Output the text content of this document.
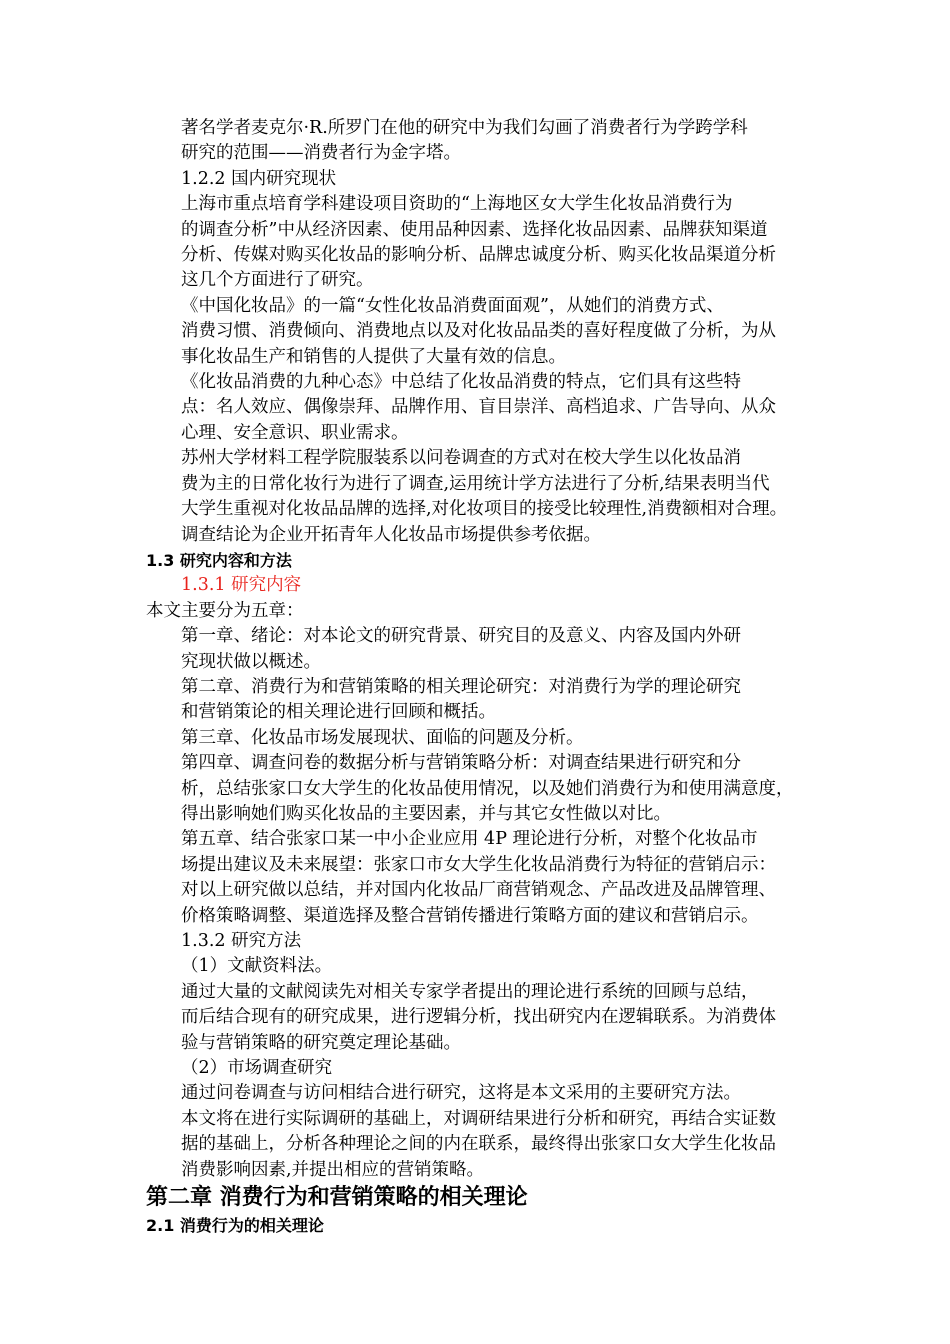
著名学者麦克尔·R.所罗门在他的研究中为我们勾画了消费者行为学跨学科
研究的范围——消费者行为金字塔。
1.2.2 国内研究现状
上海市重点培育学科建设项目资助的“上海地区女大学生化妆品消费行为
的调查分析”中从经济因素、使用品种因素、选择化妆品因素、品牌获知渠道
分析、传媒对购买化妆品的影响分析、品牌忠诚度分析、购买化妆品渠道分析
这几个方面进行了研究。
《中国化妆品》的一篇“女性化妆品消费面面观”，从她们的消费方式、
消费习惯、消费倾向、消费地点以及对化妆品品类的喜好程度做了分析，为从
事化妆品生产和销售的人提供了大量有效的信息。
《化妆品消费的九种心态》中总结了化妆品消费的特点，它们具有这些特
点：名人效应、偶像崇拜、品牌作用、盲目崇洋、高档追求、广告导向、从众
心理、安全意识、职业需求。
苏州大学材料工程学院服装系以问卷调查的方式对在校大学生以化妆品消
费为主的日常化妆行为进行了调查,运用统计学方法进行了分析,结果表明当代
大学生重视对化妆品品牌的选择,对化妆项目的接受比较理性,消费额相对合理。
调查结论为企业开拓青年人化妆品市场提供参考依据。
1.3 研究内容和方法
1.3.1 研究内容
本文主要分为五章：
第一章、绪论：对本论文的研究背景、研究目的及意义、内容及国内外研
究现状做以概述。
第二章、消费行为和营销策略的相关理论研究：对消费行为学的理论研究
和营销策论的相关理论进行回顾和概括。
第三章、化妆品市场发展现状、面临的问题及分析。
第四章、调查问卷的数据分析与营销策略分析：对调查结果进行研究和分
析，总结张家口女大学生的化妆品使用情况，以及她们消费行为和使用满意度，
得出影响她们购买化妆品的主要因素，并与其它女性做以对比。
第五章、结合张家口某一中小企业应用 4P 理论进行分析，对整个化妆品市
场提出建议及未来展望：张家口市女大学生化妆品消费行为特征的营销启示：
对以上研究做以总结，并对国内化妆品厂商营销观念、产品改进及品牌管理、
价格策略调整、渠道选择及整合营销传播进行策略方面的建议和营销启示。
1.3.2 研究方法
（1）文献资料法。
通过大量的文献阅读先对相关专家学者提出的理论进行系统的回顾与总结，
而后结合现有的研究成果，进行逻辑分析，找出研究内在逻辑联系。为消费体
验与营销策略的研究奠定理论基础。
（2）市场调查研究
通过问卷调查与访问相结合进行研究，这将是本文采用的主要研究方法。
本文将在进行实际调研的基础上，对调研结果进行分析和研究，再结合实证数
据的基础上，分析各种理论之间的内在联系，最终得出张家口女大学生化妆品
消费影响因素,并提出相应的营销策略。
第二章 消费行为和营销策略的相关理论
2.1 消费行为的相关理论
